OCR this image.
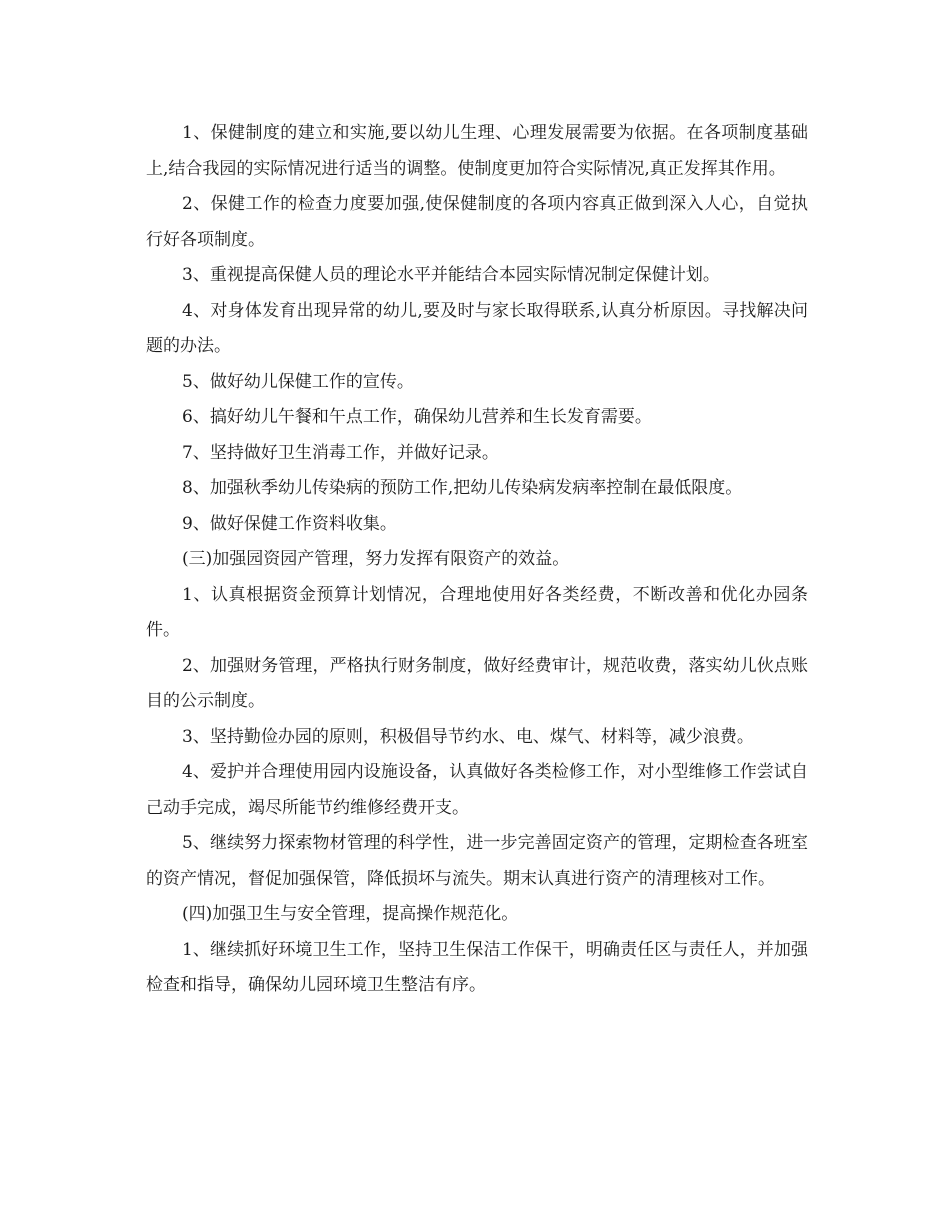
1、保健制度的建立和实施,要以幼儿生理、心理发展需要为依据。在各项制度基础上,结合我园的实际情况进行适当的调整。使制度更加符合实际情况,真正发挥其作用。

2、保健工作的检查力度要加强,使保健制度的各项内容真正做到深入人心，自觉执行好各项制度。

3、重视提高保健人员的理论水平并能结合本园实际情况制定保健计划。

4、对身体发育出现异常的幼儿,要及时与家长取得联系,认真分析原因。寻找解决问题的办法。

5、做好幼儿保健工作的宣传。

6、搞好幼儿午餐和午点工作，确保幼儿营养和生长发育需要。

7、坚持做好卫生消毒工作，并做好记录。

8、加强秋季幼儿传染病的预防工作,把幼儿传染病发病率控制在最低限度。

9、做好保健工作资料收集。

(三)加强园资园产管理，努力发挥有限资产的效益。

1、认真根据资金预算计划情况，合理地使用好各类经费，不断改善和优化办园条件。

2、加强财务管理，严格执行财务制度，做好经费审计，规范收费，落实幼儿伙点账目的公示制度。

3、坚持勤俭办园的原则，积极倡导节约水、电、煤气、材料等，减少浪费。

4、爱护并合理使用园内设施设备，认真做好各类检修工作，对小型维修工作尝试自己动手完成，竭尽所能节约维修经费开支。

5、继续努力探索物材管理的科学性，进一步完善固定资产的管理，定期检查各班室的资产情况，督促加强保管，降低损坏与流失。期末认真进行资产的清理核对工作。

(四)加强卫生与安全管理，提高操作规范化。

1、继续抓好环境卫生工作，坚持卫生保洁工作保干，明确责任区与责任人，并加强检查和指导，确保幼儿园环境卫生整洁有序。
